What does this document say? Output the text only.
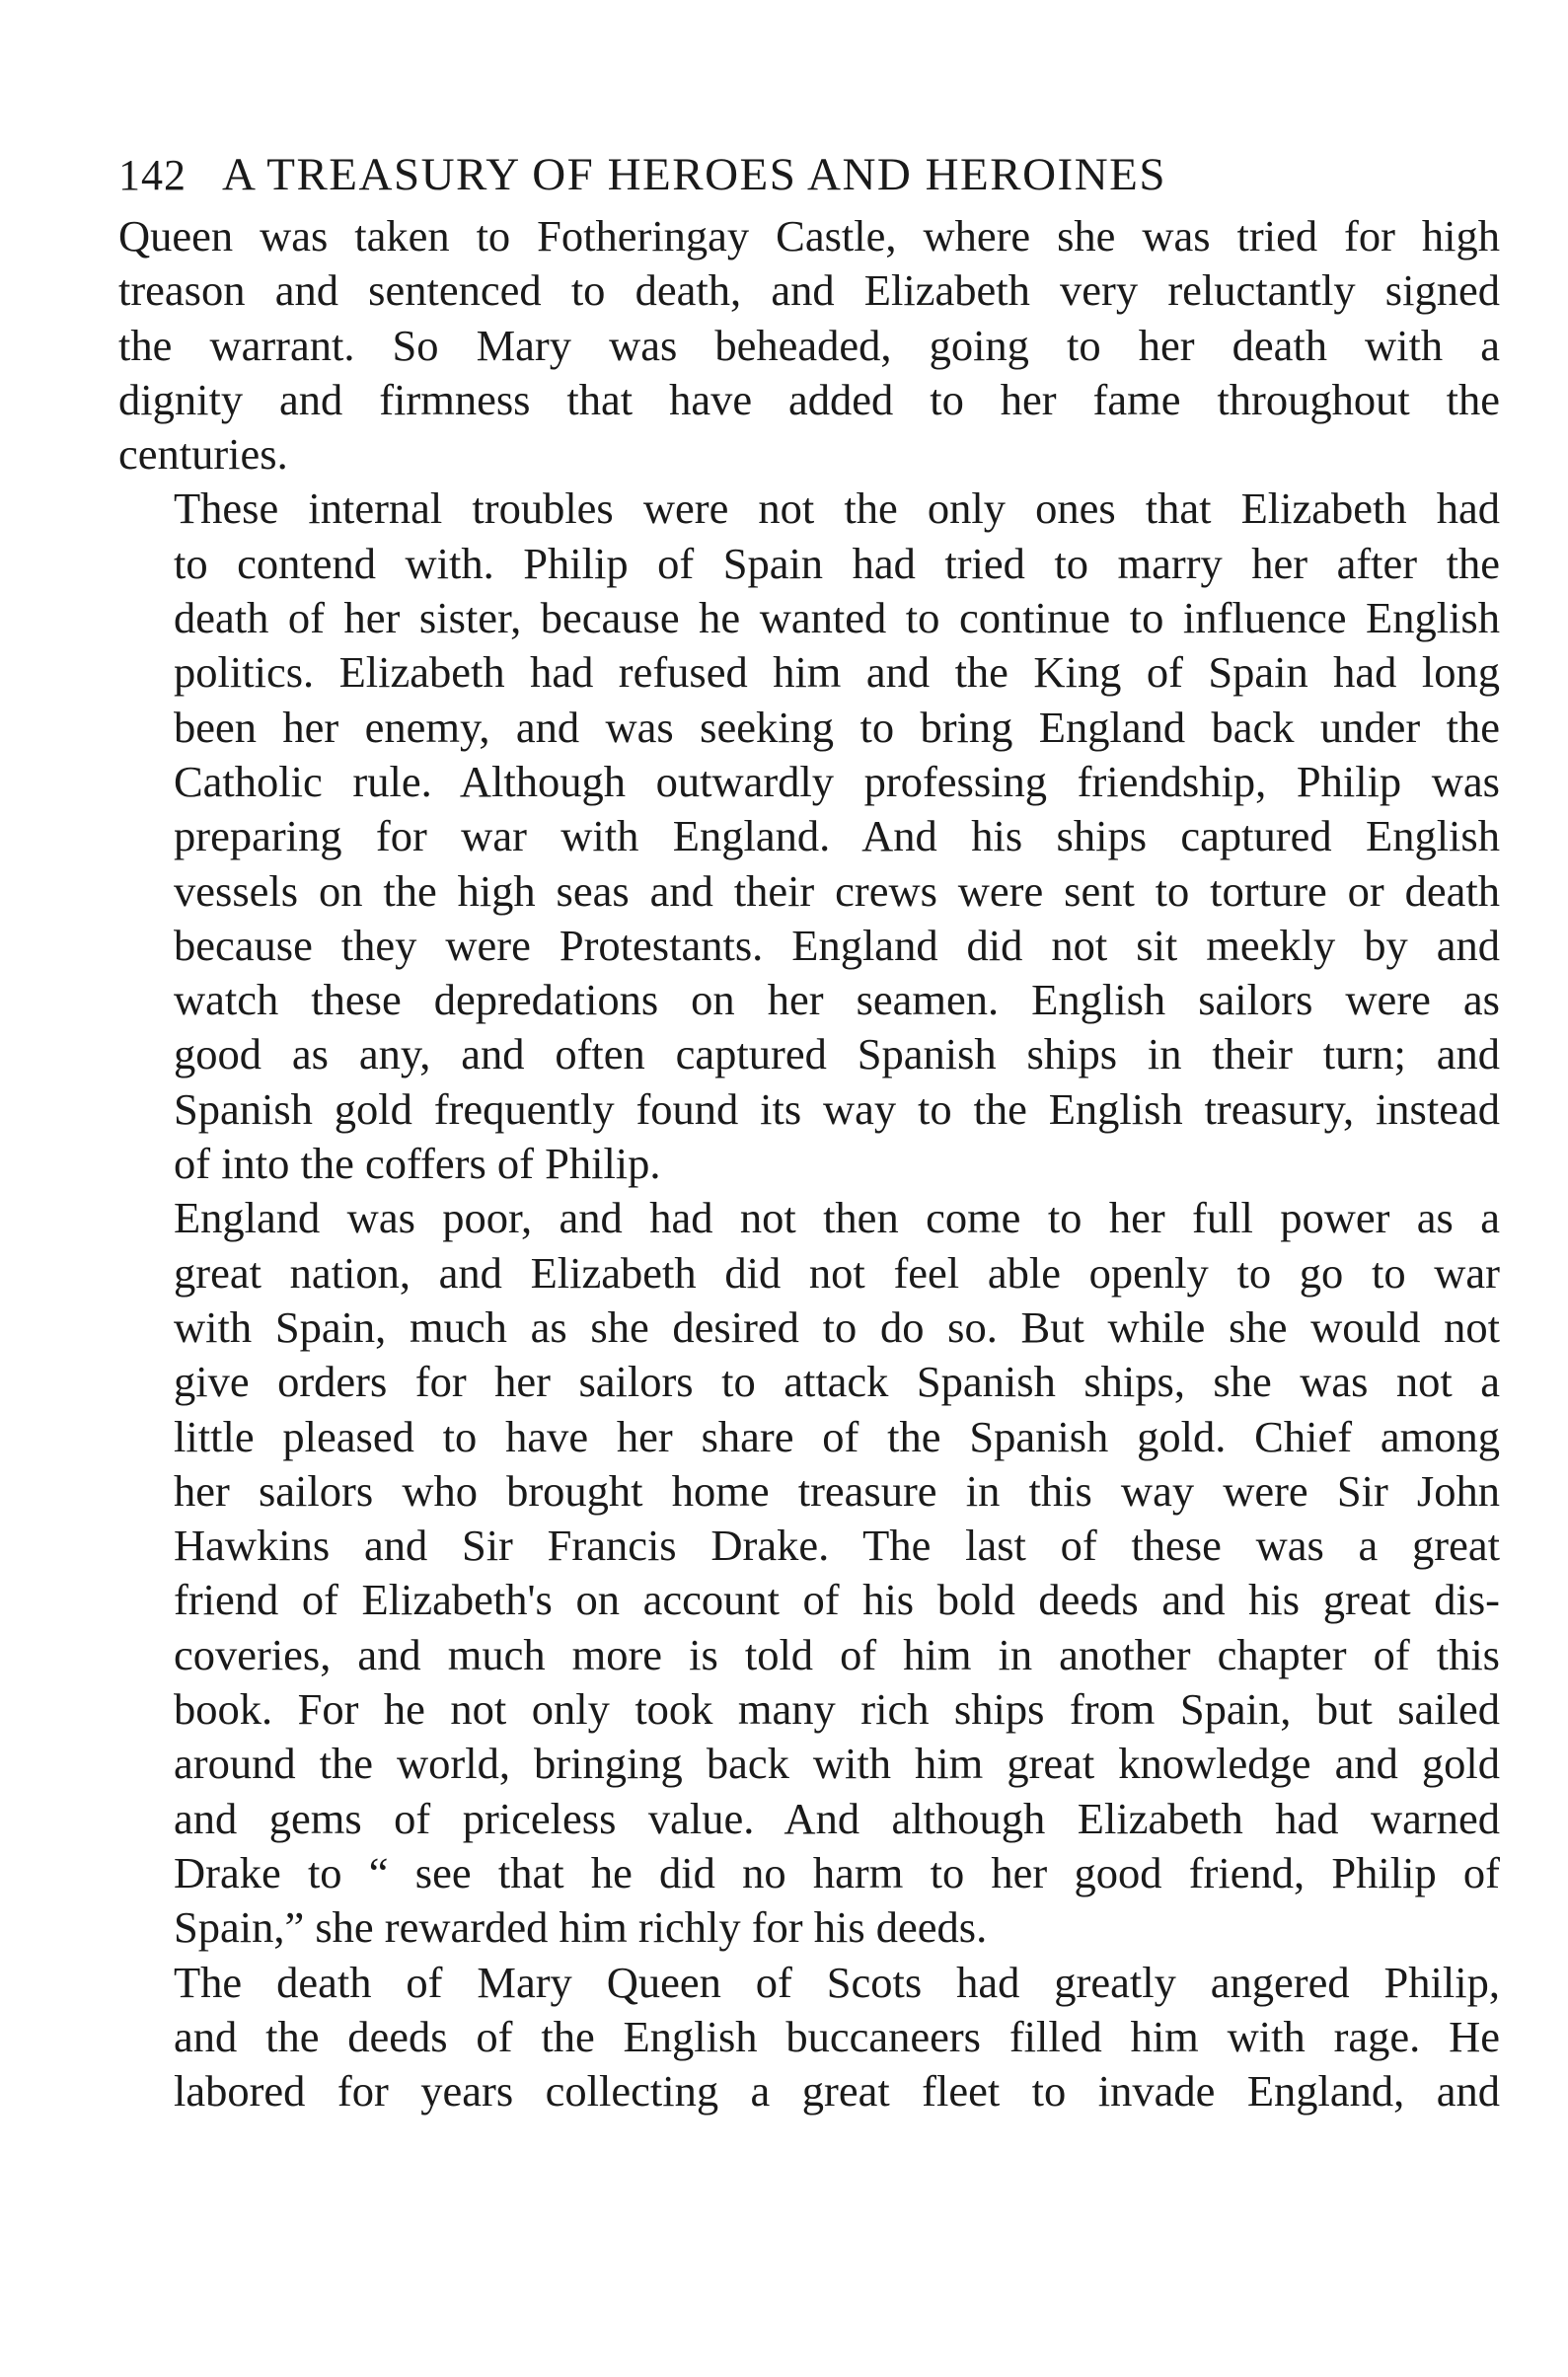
142 A TREASURY OF HEROES AND HEROINES

Queen was taken to Fotheringay Castle, where she was tried for high
treason and sentenced to death, and Elizabeth very reluctantly signed
the warrant. So Mary was beheaded, going to her death with a
dignity and firmness that have added to her fame throughout the
centuries.

These internal troubles were not the only ones that Elizabeth had
to contend with. Philip of Spain had tried to marry her after the
death of her sister, because he wanted to continue to influence English
politics. Elizabeth had refused him and the King of Spain had long
been her enemy, and was seeking to bring England back under the
Catholic rule. Although outwardly professing friendship, Philip was
preparing for war with England. And his ships captured English
vessels on the high seas and their crews were sent to torture or death
because they were Protestants. England did not sit meekly by and
watch these depredations on her seamen. English sailors were as
good as any, and often captured Spanish ships in their turn; and
Spanish gold frequently found its way to the English treasury, instead
of into the coffers of Philip.

England was poor, and had not then come to her full power as a
great nation, and Elizabeth did not feel able openly to go to war
with Spain, much as she desired to do so. But while she would not
give orders for her sailors to attack Spanish ships, she was not a
little pleased to have her share of the Spanish gold. Chief among
her sailors who brought home treasure in this way were Sir John
Hawkins and Sir Francis Drake. The last of these was a great
friend of Elizabeth's on account of his bold deeds and his great dis-
coveries, and much more is told of him in another chapter of this
book. For he not only took many rich ships from Spain, but sailed
around the world, bringing back with him great knowledge and gold
and gems of priceless value. And although Elizabeth had warned
Drake to “ see that he did no harm to her good friend, Philip of
Spain,” she rewarded him richly for his deeds.

The death of Mary Queen of Scots had greatly angered Philip,
and the deeds of the English buccaneers filled him with rage. He
labored for years collecting a great fleet to invade England, and
